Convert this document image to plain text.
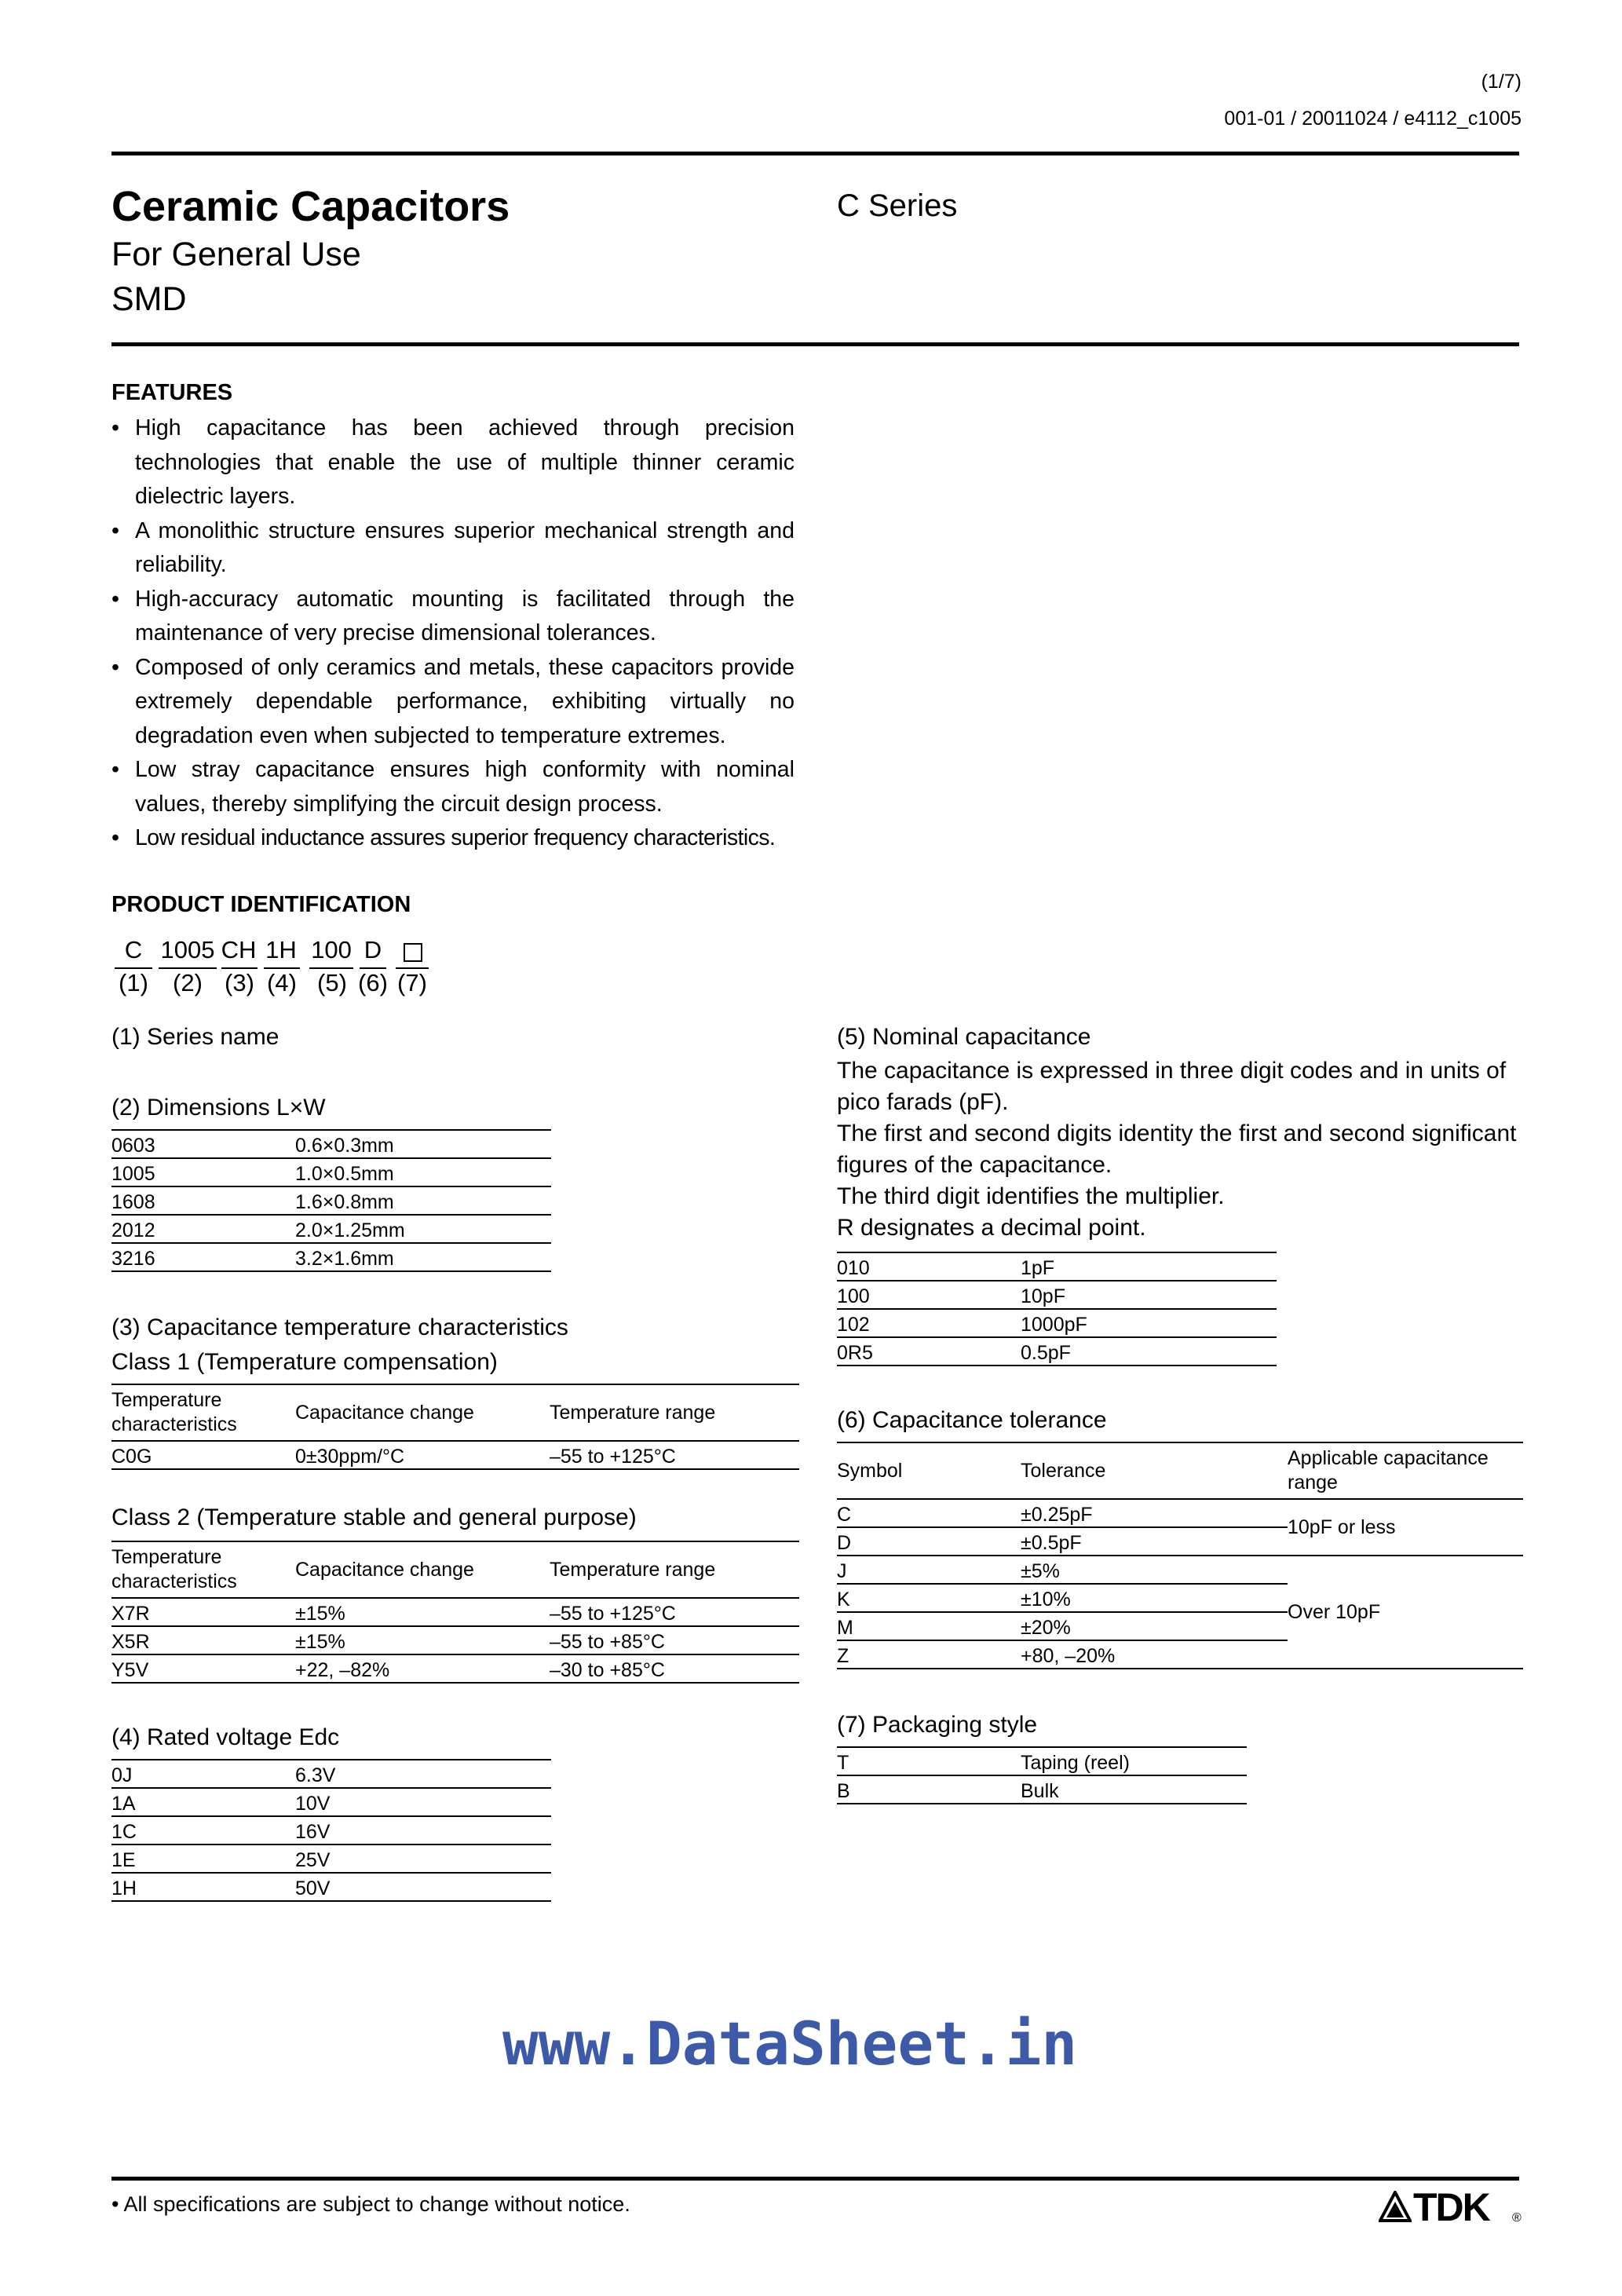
(1/7)
001-01 / 20011024 / e4112_c1005
Ceramic Capacitors
For General Use
SMD
C Series
FEATURES
• High capacitance has been achieved through precision technologies that enable the use of multiple thinner ceramic dielectric layers.
• A monolithic structure ensures superior mechanical strength and reliability.
• High-accuracy automatic mounting is facilitated through the maintenance of very precise dimensional tolerances.
• Composed of only ceramics and metals, these capacitors provide extremely dependable performance, exhibiting virtually no degradation even when subjected to temperature extremes.
• Low stray capacitance ensures high conformity with nominal values, thereby simplifying the circuit design process.
• Low residual inductance assures superior frequency characteristics.
PRODUCT IDENTIFICATION
C 1005 CH 1H 100 D
(1)	(2) (3) (4) (5) (6) (7)
(1) Series name
(2) Dimensions L×W
0603	0.6×0.3mm
1005	1.0×0.5mm
1608	1.6×0.8mm
2012	2.0×1.25mm
3216	3.2×1.6mm
(3) Capacitance temperature characteristics
Class 1 (Temperature compensation)
Temperature characteristics	Capacitance change	Temperature range
C0G	0±30ppm/°C	–55 to +125°C
Class 2 (Temperature stable and general purpose)
Temperature characteristics	Capacitance change	Temperature range
X7R	±15%	–55 to +125°C
X5R	±15%	–55 to +85°C
Y5V	+22, –82%	–30 to +85°C
(4) Rated voltage Edc
0J	6.3V
1A	10V
1C	16V
1E	25V
1H	50V
(5) Nominal capacitance
The capacitance is expressed in three digit codes and in units of pico farads (pF).
The first and second digits identity the first and second significant figures of the capacitance.
The third digit identifies the multiplier.
R designates a decimal point.
010	1pF
100	10pF
102	1000pF
0R5	0.5pF
(6) Capacitance tolerance
Symbol	Tolerance	Applicable capacitance range
C	±0.25pF	10pF or less
D	±0.5pF	
J	±5%	Over 10pF
K	±10%	
M	±20%	
Z	+80, –20%	
(7) Packaging style
T	Taping (reel)
B	Bulk
www.DataSheet.in
• All specifications are subject to change without notice.	TDK ®
